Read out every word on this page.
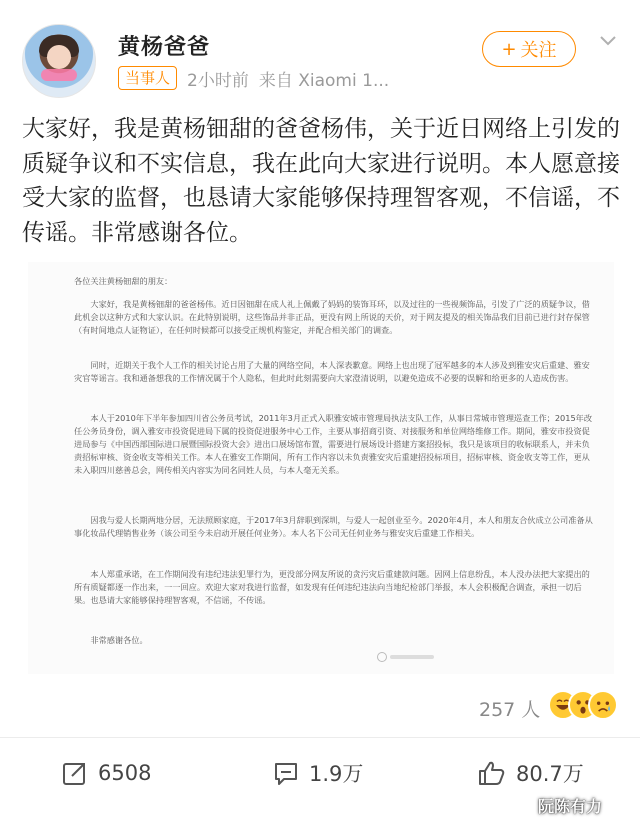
黄杨爸爸
当事人	2小时前 来自 Xiaomi 1...
+ 关注
大家好，我是黄杨钿甜的爸爸杨伟，关于近日网络上引发的质疑争议和不实信息，我在此向大家进行说明。本人愿意接受大家的监督，也恳请大家能够保持理智客观，不信谣，不传谣。非常感谢各位。

各位关注黄杨钿甜的朋友：

大家好，我是黄杨钿甜的爸爸杨伟。近日因钿甜在成人礼上佩戴了妈妈的装饰耳环，以及过往的一些视频饰品，引发了广泛的质疑争议，借此机会以这种方式和大家认识。在此特别说明，这些饰品并非正品，更没有网上所说的天价，对于网友提及的相关饰品我们目前已进行封存保管（有时间地点人证物证），在任何时候都可以接受正规机构鉴定，并配合相关部门的调查。

同时，近期关于我个人工作的相关讨论占用了大量的网络空间，本人深表歉意。网络上也出现了冠军越多的本人涉及到雅安灾后重建、雅安灾官等谣言。我和通备想我的工作情况属于个人隐私，但此时此刻需要向大家澄清说明，以避免造成不必要的误解和给更多的人造成伤害。

本人于2010年下半年参加四川省公务员考试，2011年3月正式入职雅安城市管理局执法支队工作，从事日常城市管理巡查工作；2015年改任公务员身份，调入雅安市投资促进局下属的投资促进服务中心工作，主要从事招商引资、对接服务和单位网络维修工作。期间，雅安市投资促进局参与《中国西部国际进口展暨国际投资大会》进出口展场馆布置，需要进行展场设计搭建方案招投标，我只是该项目的收标联系人，并未负责招标审核、资金收支等相关工作。本人在雅安工作期间，所有工作内容以未负责雅安灾后重建招投标项目，招标审核、资金收支等工作，更从未入职四川慈善总会，网传相关内容实为同名同姓人员，与本人毫无关系。

因我与爱人长期两地分居，无法照顾家庭，于2017年3月辞职到深圳，与爱人一起创业至今。2020年4月，本人和朋友合伙成立公司准备从事化妆品代理销售业务（该公司至今未启动开展任何业务）。本人名下公司无任何业务与雅安灾后重建工作相关。

本人郑重承诺，在工作期间没有违纪违法犯罪行为，更没部分网友所说的贪污灾后重建款问题。因网上信息纷乱，本人没办法把大家提出的所有质疑都逐一作出来，一一回应。欢迎大家对我进行监督，如发现有任何违纪违法向当地纪检部门举报，本人会积极配合调查，承担一切后果。也恳请大家能够保持理智客观，不信谣，不传谣。

非常感谢各位。

257 人
6508	1.9万	80.7万
阮陈有力
